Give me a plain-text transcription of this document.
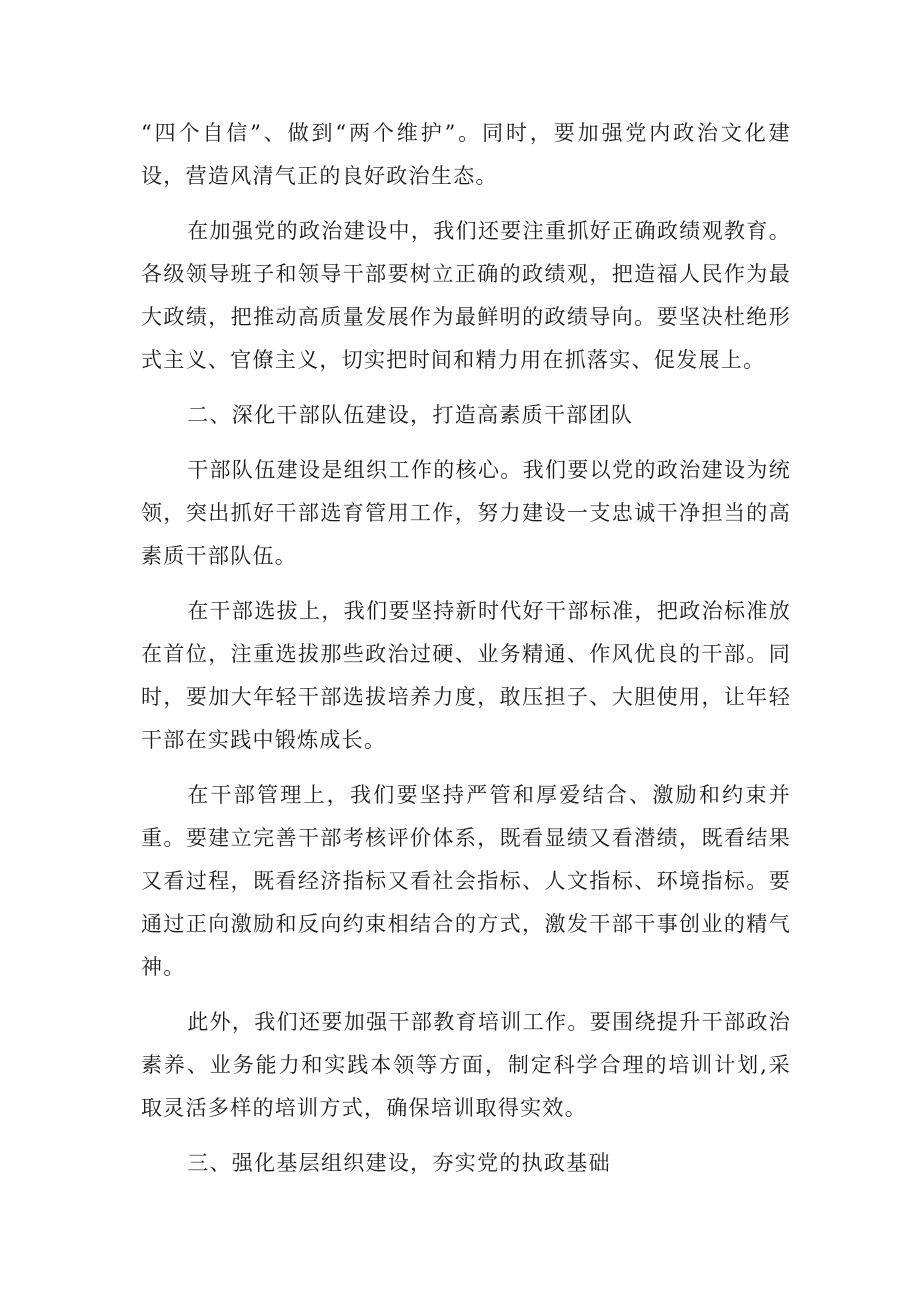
“四个自信”、做到“两个维护”。同时，要加强党内政治文化建设，营造风清气正的良好政治生态。

在加强党的政治建设中，我们还要注重抓好正确政绩观教育。各级领导班子和领导干部要树立正确的政绩观，把造福人民作为最大政绩，把推动高质量发展作为最鲜明的政绩导向。要坚决杜绝形式主义、官僚主义，切实把时间和精力用在抓落实、促发展上。

二、深化干部队伍建设，打造高素质干部团队

干部队伍建设是组织工作的核心。我们要以党的政治建设为统领，突出抓好干部选育管用工作，努力建设一支忠诚干净担当的高素质干部队伍。

在干部选拔上，我们要坚持新时代好干部标准，把政治标准放在首位，注重选拔那些政治过硬、业务精通、作风优良的干部。同时，要加大年轻干部选拔培养力度，敢压担子、大胆使用，让年轻干部在实践中锻炼成长。

在干部管理上，我们要坚持严管和厚爱结合、激励和约束并重。要建立完善干部考核评价体系，既看显绩又看潜绩，既看结果又看过程，既看经济指标又看社会指标、人文指标、环境指标。要通过正向激励和反向约束相结合的方式，激发干部干事创业的精气神。

此外，我们还要加强干部教育培训工作。要围绕提升干部政治素养、业务能力和实践本领等方面，制定科学合理的培训计划,采取灵活多样的培训方式，确保培训取得实效。

三、强化基层组织建设，夯实党的执政基础
